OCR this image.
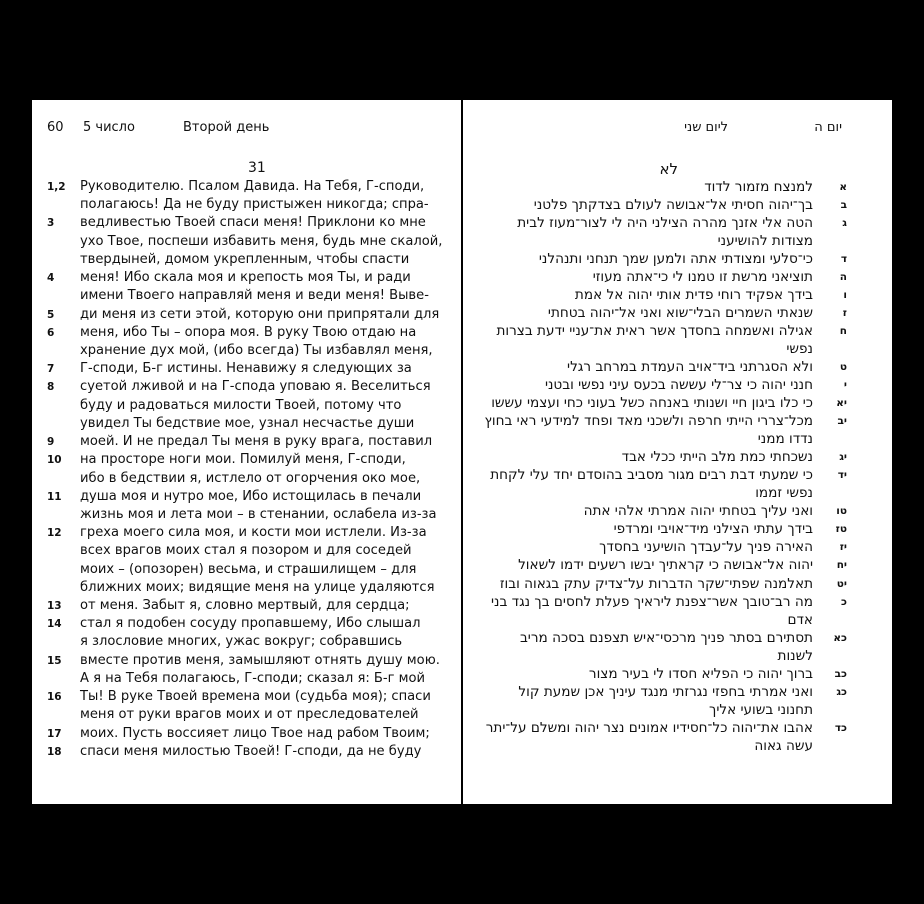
60 5 число	Второй день
31
1,2 Руководителю. Псалом Давида. На Тебя, Г-споди,
полагаюсь! Да не буду пристыжен никогда; спра-
3 ведливестью Твоей спаси меня! Приклони ко мне
ухо Твое, поспеши избавить меня, будь мне скалой,
твердыней, домом укрепленным, чтобы спасти
4 меня! Ибо скала моя и крепость моя Ты, и ради
имени Твоего направляй меня и веди меня! Выве-
5 ди меня из сети этой, которую они припрятали для
6 меня, ибо Ты – опора моя. В руку Твою отдаю на
хранение дух мой, (ибо всегда) Ты избавлял меня,
7 Г-споди, Б-г истины. Ненавижу я следующих за
8 суетой лживой и на Г-спода уповаю я. Веселиться
буду и радоваться милости Твоей, потому что
увидел Ты бедствие мое, узнал несчастье души
9 моей. И не предал Ты меня в руку врага, поставил
10 на просторе ноги мои. Помилуй меня, Г-споди,
ибо в бедствии я, истлело от огорчения око мое,
11 душа моя и нутро мое, Ибо истощилась в печали
жизнь моя и лета мои – в стенании, ослабела из-за
12 греха моего сила моя, и кости мои истлели. Из-за
всех врагов моих стал я позором и для соседей
моих – (опозорен) весьма, и страшилищем – для
ближних моих; видящие меня на улице удаляются
13 от меня. Забыт я, словно мертвый, для сердца;
14 стал я подобен сосуду пропавшему, Ибо слышал
я злословие многих, ужас вокруг; собравшись
15 вместе против меня, замышляют отнять душу мою.
А я на Тебя полагаюсь, Г-споди; сказал я: Б-г мой
16 Ты! В руке Твоей времена мои (судьба моя); спаси
меня от руки врагов моих и от преследователей
17 моих. Пусть воссияет лицо Твое над рабом Твоим;
18 спаси меня милостью Твоей! Г-споди, да не буду
יום ה
ליום שני
לא
א
למנצח מזמור לדוד
ב
בך־יהוה חסיתי אל־אבושה לעולם בצדקתך פלטני
ג
הטה אלי אזנך מהרה הצילני היה לי לצור־מעוז לבית
מצודות להושיעני
ד
כי־סלעי ומצודתי אתה ולמען שמך תנחני ותנהלני
ה
תוציאני מרשת זו טמנו לי כי־אתה מעוזי
ו
בידך אפקיד רוחי פדית אותי יהוה אל אמת
ז
שנאתי השמרים הבלי־שוא ואני אל־יהוה בטחתי
ח
אגילה ואשמחה בחסדך אשר ראית את־עניי ידעת בצרות
נפשי
ט
ולא הסגרתני ביד־אויב העמדת במרחב רגלי
י
חנני יהוה כי צר־לי עששה בכעס עיני נפשי ובטני
יא
כי כלו ביגון חיי ושנותי באנחה כשל בעוני כחי ועצמי עששו
יב
מכל־צררי הייתי חרפה ולשכני מאד ופחד למידעי ראי בחוץ
נדדו ממני
יג
נשכחתי כמת מלב הייתי ככלי אבד
יד
כי שמעתי דבת רבים מגור מסביב בהוסדם יחד עלי לקחת
נפשי זממו
טו
ואני עליך בטחתי יהוה אמרתי אלהי אתה
טז
בידך עתתי הצילני מיד־אויבי ומרדפי
יז
האירה פניך על־עבדך הושיעני בחסדך
יח
יהוה אל־אבושה כי קראתיך יבשו רשעים ידמו לשאול
יט
תאלמנה שפתי־שקר הדברות על־צדיק עתק בגאוה ובוז
כ
מה רב־טובך אשר־צפנת ליראיך פעלת לחסים בך נגד בני
אדם
כא
תסתירם בסתר פניך מרכסי־איש תצפנם בסכה מריב
לשנות
כב
ברוך יהוה כי הפליא חסדו לי בעיר מצור
כג
ואני אמרתי בחפזי נגרזתי מנגד עיניך אכן שמעת קול
תחנוני בשועי אליך
כד
אהבו את־יהוה כל־חסידיו אמונים נצר יהוה ומשלם על־יתר
עשה גאוה
